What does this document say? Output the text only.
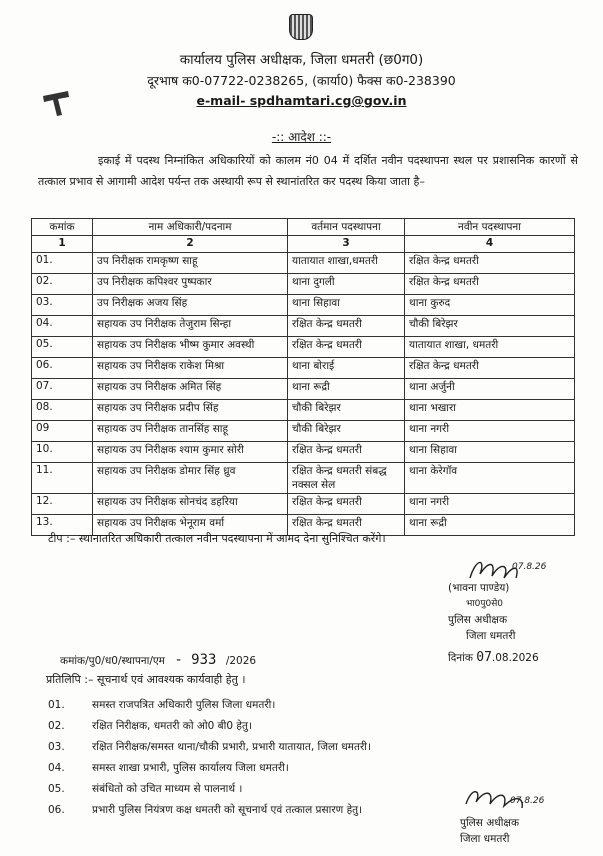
कार्यालय पुलिस अधीक्षक, जिला धमतरी (छ0ग0)
दूरभाष क0-07722-0238265, (कार्या0) फैक्स क0-238390
e-mail- spdhamtari.cg@gov.in
-:: आदेश ::-
इकाई में पदस्थ निम्नांकित अधिकारियों को कालम नं0 04 में दर्शित नवीन पदस्थापना स्थल पर प्रशासनिक कारणों से तत्काल प्रभाव से आगामी आदेश पर्यन्त तक अस्थायी रूप से स्थानांतरित कर पदस्थ किया जाता है–
कमांक	नाम अधिकारी/पदनाम	वर्तमान पदस्थापना	नवीन पदस्थापना
1	2	3	4
01.	उप निरीक्षक रामकृष्ण साहू	यातायात शाखा,धमतरी	रक्षित केन्द्र धमतरी
02.	उप निरीक्षक कपिश्वर पुष्पकार	थाना दुगली	रक्षित केन्द्र धमतरी
03.	उप निरीक्षक अजय सिंह	थाना सिहावा	थाना कुरुद
04.	सहायक उप निरीक्षक तेजुराम सिन्हा	रक्षित केन्द्र धमतरी	चौकी बिरेझर
05.	सहायक उप निरीक्षक भीष्म कुमार अवस्थी	रक्षित केन्द्र धमतरी	यातायात शाखा, धमतरी
06.	सहायक उप निरीक्षक राकेश मिश्रा	थाना बोराई	रक्षित केन्द्र धमतरी
07.	सहायक उप निरीक्षक अमित सिंह	थाना रूद्री	थाना अर्जुनी
08.	सहायक उप निरीक्षक प्रदीप सिंह	चौकी बिरेझर	थाना भखारा
09	सहायक उप निरीक्षक तानसिंह साहू	चौकी बिरेझर	थाना नगरी
10.	सहायक उप निरीक्षक श्याम कुमार सोरी	रक्षित केन्द्र धमतरी	थाना सिहावा
11.	सहायक उप निरीक्षक डोमार सिंह ध्रुव	रक्षित केन्द्र धमतरी संबद्ध नक्सल सेल	थाना केरेगॉव
12.	सहायक उप निरीक्षक सोनचंद डहरिया	रक्षित केन्द्र धमतरी	थाना नगरी
13.	सहायक उप निरीक्षक भेनूराम वर्मा	रक्षित केन्द्र धमतरी	थाना रूद्री
टीप :– स्थानातरित अधिकारी तत्काल नवीन पदस्थापना में आमद देना सुनिश्चित करेंगे।
07.8.26
(भावना पाण्डेय)
भा0पु0से0
पुलिस अधीक्षक
जिला धमतरी
कमांक/पु0/ध0/स्थापना/एम - 933 /2026	दिनांक 07.08.2026
प्रतिलिपि :– सूचनार्थ एवं आवश्यक कार्यवाही हेतु ।
01.	समस्त राजपत्रित अधिकारी पुलिस जिला धमतरी।
02.	रक्षित निरीक्षक, धमतरी को ओ0 बी0 हेतु।
03.	रक्षित निरीक्षक/समस्त थाना/चौकी प्रभारी, प्रभारी यातायात, जिला धमतरी।
04.	समस्त शाखा प्रभारी, पुलिस कार्यालय जिला धमतरी।
05.	संबंधितो को उचित माध्यम से पालनार्थ ।
06.	प्रभारी पुलिस नियंत्रण कक्ष धमतरी को सूचनार्थ एवं तत्काल प्रसारण हेतु।
07.8.26
पुलिस अधीक्षक
जिला धमतरी
